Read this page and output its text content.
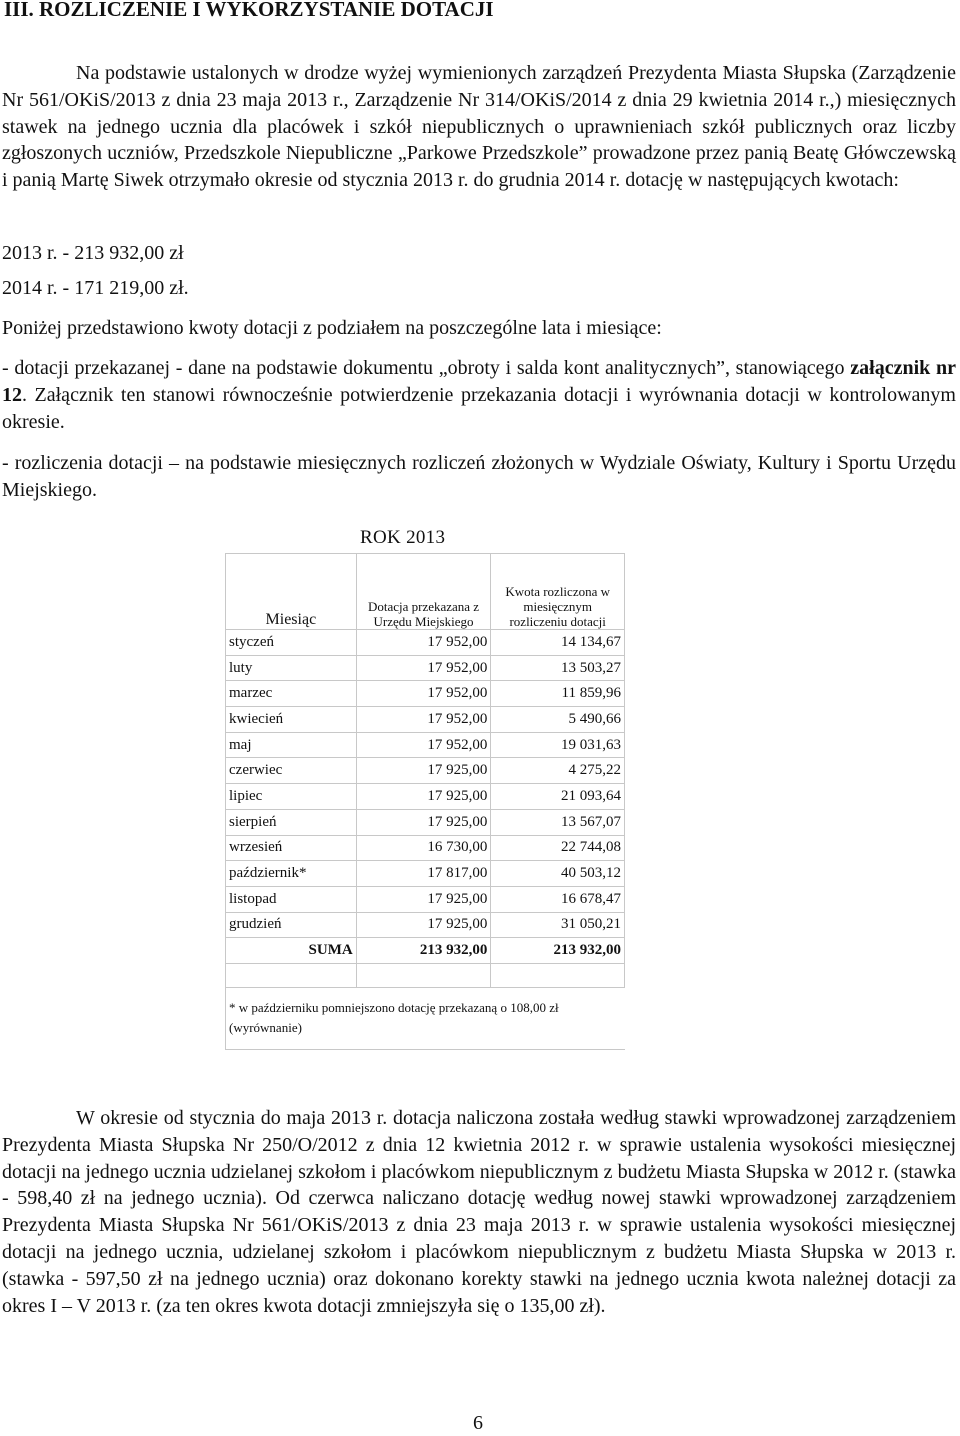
III. ROZLICZENIE I WYKORZYSTANIE DOTACJI

Na podstawie ustalonych w drodze wyżej wymienionych zarządzeń Prezydenta Miasta Słupska (Zarządzenie Nr 561/OKiS/2013 z dnia 23 maja 2013 r., Zarządzenie Nr 314/OKiS/2014 z dnia 29 kwietnia 2014 r.,) miesięcznych stawek na jednego ucznia dla placówek i szkół niepublicznych o uprawnieniach szkół publicznych oraz liczby zgłoszonych uczniów, Przedszkole Niepubliczne „Parkowe Przedszkole” prowadzone przez panią Beatę Główczewską i panią Martę Siwek otrzymało okresie od stycznia 2013 r. do grudnia 2014 r. dotację w następujących kwotach:

2013 r. - 213 932,00 zł

2014 r. - 171 219,00 zł.

Poniżej przedstawiono kwoty dotacji z podziałem na poszczególne lata i miesiące:

- dotacji przekazanej - dane na podstawie dokumentu „obroty i salda kont analitycznych”, stanowiącego załącznik nr 12. Załącznik ten stanowi równocześnie potwierdzenie przekazania dotacji i wyrównania dotacji w kontrolowanym okresie.

- rozliczenia dotacji – na podstawie miesięcznych rozliczeń złożonych w Wydziale Oświaty, Kultury i Sportu Urzędu Miejskiego.

ROK 2013
Miesiąc	Dotacja przekazana z Urzędu Miejskiego	Kwota rozliczona w miesięcznym rozliczeniu dotacji
styczeń	17 952,00	14 134,67
luty	17 952,00	13 503,27
marzec	17 952,00	11 859,96
kwiecień	17 952,00	5 490,66
maj	17 952,00	19 031,63
czerwiec	17 925,00	4 275,22
lipiec	17 925,00	21 093,64
sierpień	17 925,00	13 567,07
wrzesień	16 730,00	22 744,08
październik*	17 817,00	40 503,12
listopad	17 925,00	16 678,47
grudzień	17 925,00	31 050,21
SUMA	213 932,00	213 932,00

* w październiku pomniejszono dotację przekazaną o 108,00 zł (wyrównanie)		

W okresie od stycznia do maja 2013 r. dotacja naliczona została według stawki wprowadzonej zarządzeniem Prezydenta Miasta Słupska Nr 250/O/2012 z dnia 12 kwietnia 2012 r. w sprawie ustalenia wysokości miesięcznej dotacji na jednego ucznia udzielanej szkołom i placówkom niepublicznym z budżetu Miasta Słupska w 2012 r. (stawka - 598,40 zł na jednego ucznia). Od czerwca naliczano dotację według nowej stawki wprowadzonej zarządzeniem Prezydenta Miasta Słupska Nr 561/OKiS/2013 z dnia 23 maja 2013 r. w sprawie ustalenia wysokości miesięcznej dotacji na jednego ucznia, udzielanej szkołom i placówkom niepublicznym z budżetu Miasta Słupska w 2013 r. (stawka - 597,50 zł na jednego ucznia) oraz dokonano korekty stawki na jednego ucznia kwota należnej dotacji za okres I – V 2013 r. (za ten okres kwota dotacji zmniejszyła się o 135,00 zł).

6
